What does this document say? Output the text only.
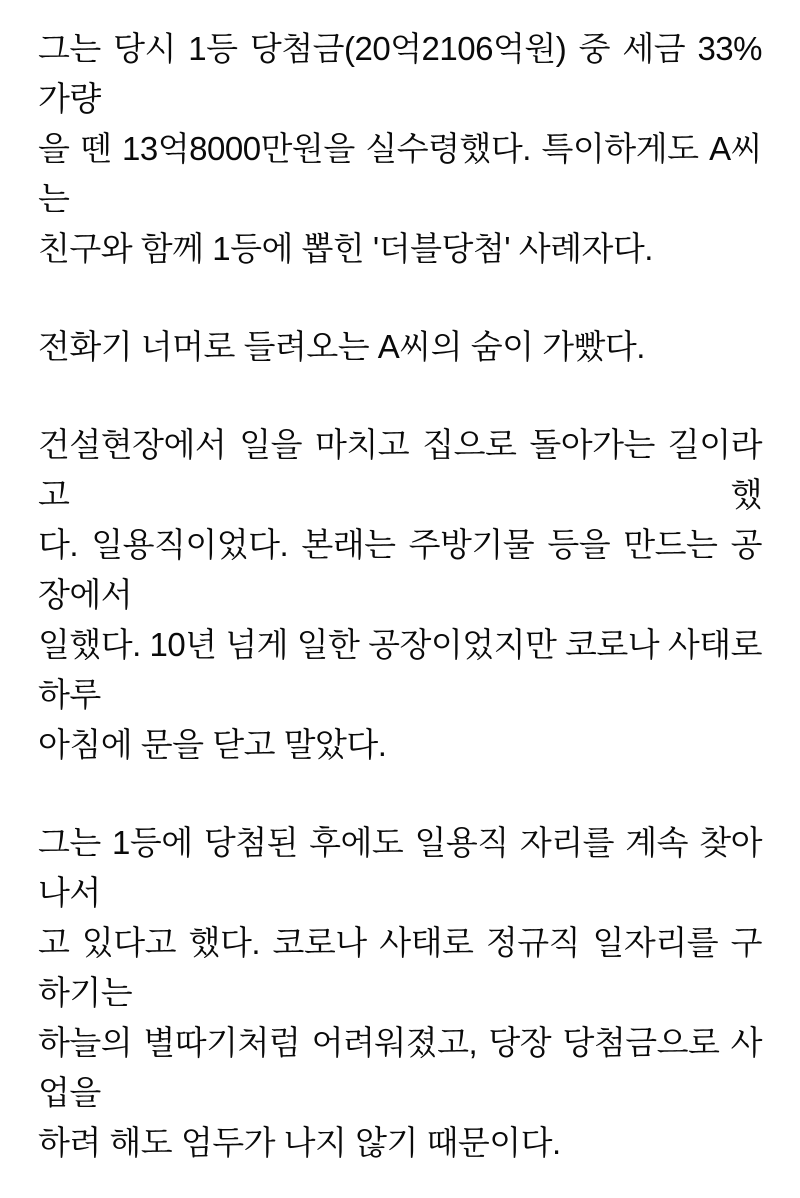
그는 당시 1등 당첨금(20억2106억원) 중 세금 33% 가량
을 뗀 13억8000만원을 실수령했다. 특이하게도 A씨는
친구와 함께 1등에 뽑힌 '더블당첨' 사례자다.

전화기 너머로 들려오는 A씨의 숨이 가빴다.

건설현장에서 일을 마치고 집으로 돌아가는 길이라고 했
다. 일용직이었다. 본래는 주방기물 등을 만드는 공장에서
일했다. 10년 넘게 일한 공장이었지만 코로나 사태로 하루
아침에 문을 닫고 말았다.

그는 1등에 당첨된 후에도 일용직 자리를 계속 찾아 나서
고 있다고 했다. 코로나 사태로 정규직 일자리를 구하기는
하늘의 별따기처럼 어려워졌고, 당장 당첨금으로 사업을
하려 해도 엄두가 나지 않기 때문이다.
